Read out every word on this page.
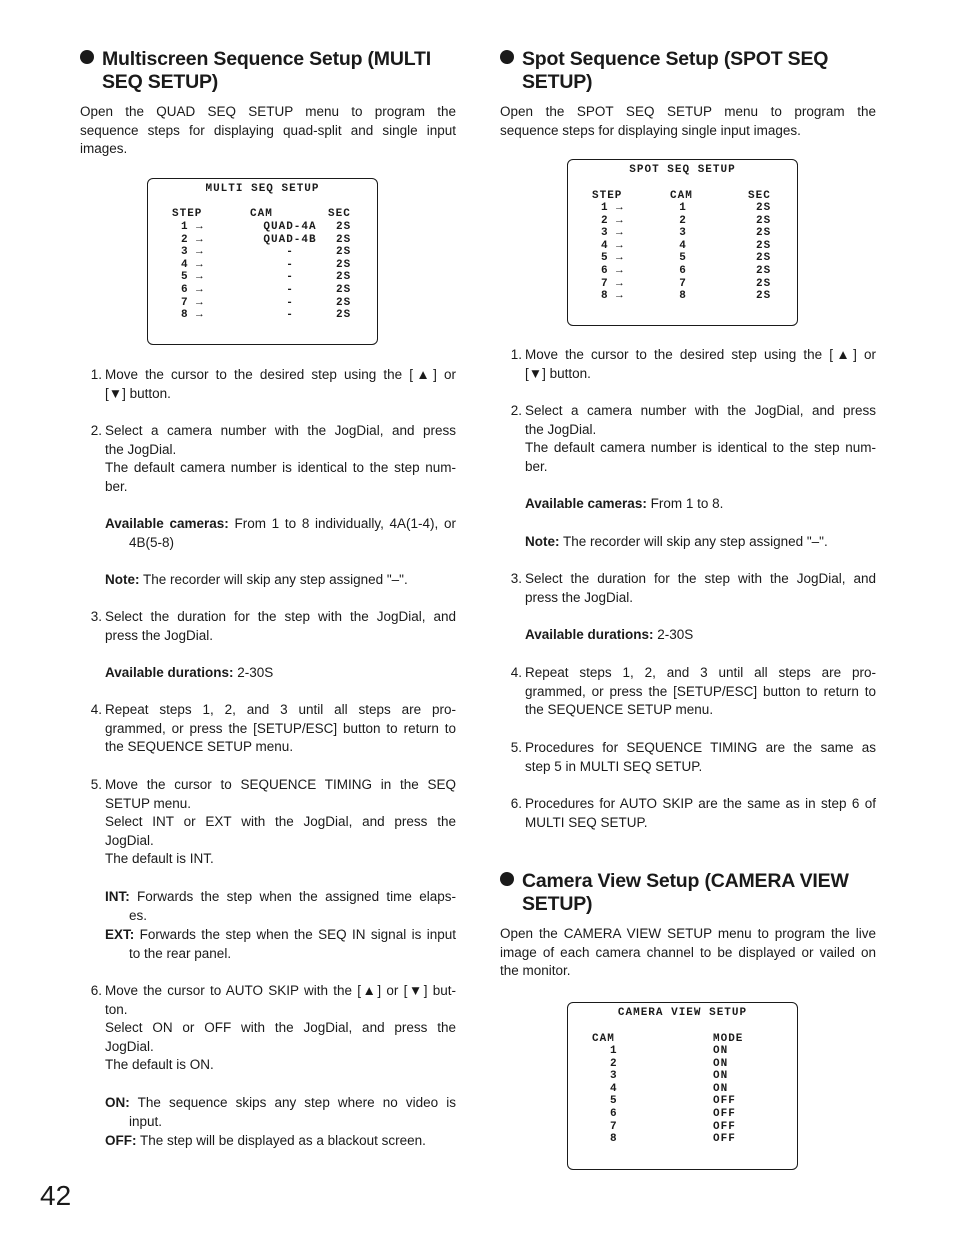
Multiscreen Sequence Setup (MULTI
SEQ SETUP)
Open the QUAD SEQ SETUP menu to program the
sequence steps for displaying quad-split and single input
images.
MULTI SEQ SETUP
STEP	CAM	SEC
1 →	QUAD-4A 2S
2 →	QUAD-4B 2S
3 →	-	2S
4 →	-	2S
5 →	-	2S
6 →	-	2S
7 →	-	2S
8 →	-	2S
1. Move the cursor to the desired step using the [▲] or
[▼] button.
2. Select a camera number with the JogDial, and press
the JogDial.
The default camera number is identical to the step num-
ber.
Available cameras: From 1 to 8 individually, 4A(1-4), or
4B(5-8)
Note: The recorder will skip any step assigned "–".
3. Select the duration for the step with the JogDial, and
press the JogDial.
Available durations: 2-30S
4. Repeat steps 1, 2, and 3 until all steps are pro-
grammed, or press the [SETUP/ESC] button to return to
the SEQUENCE SETUP menu.
5. Move the cursor to SEQUENCE TIMING in the SEQ
SETUP menu.
Select INT or EXT with the JogDial, and press the
JogDial.
The default is INT.
INT: Forwards the step when the assigned time elaps-
es.
EXT: Forwards the step when the SEQ IN signal is input
to the rear panel.
6. Move the cursor to AUTO SKIP with the [▲] or [▼] but-
ton.
Select ON or OFF with the JogDial, and press the
JogDial.
The default is ON.
ON: The sequence skips any step where no video is
input.
OFF: The step will be displayed as a blackout screen.
Spot Sequence Setup (SPOT SEQ
SETUP)
Open the SPOT SEQ SETUP menu to program the
sequence steps for displaying single input images.
SPOT SEQ SETUP
STEP	CAM	SEC
1 →	1	2S
2 →	2	2S
3 →	3	2S
4 →	4	2S
5 →	5	2S
6 →	6	2S
7 →	7	2S
8 →	8	2S
1. Move the cursor to the desired step using the [▲] or
[▼] button.
2. Select a camera number with the JogDial, and press
the JogDial.
The default camera number is identical to the step num-
ber.
Available cameras: From 1 to 8.
Note: The recorder will skip any step assigned "–".
3. Select the duration for the step with the JogDial, and
press the JogDial.
Available durations: 2-30S
4. Repeat steps 1, 2, and 3 until all steps are pro-
grammed, or press the [SETUP/ESC] button to return to
the SEQUENCE SETUP menu.
5. Procedures for SEQUENCE TIMING are the same as
step 5 in MULTI SEQ SETUP.
6. Procedures for AUTO SKIP are the same as in step 6 of
MULTI SEQ SETUP.
Camera View Setup (CAMERA VIEW
SETUP)
Open the CAMERA VIEW SETUP menu to program the live
image of each camera channel to be displayed or vailed on
the monitor.
CAMERA VIEW SETUP
CAM	MODE
1	ON
2	ON
3	ON
4	ON
5	OFF
6	OFF
7	OFF
8	OFF
42
